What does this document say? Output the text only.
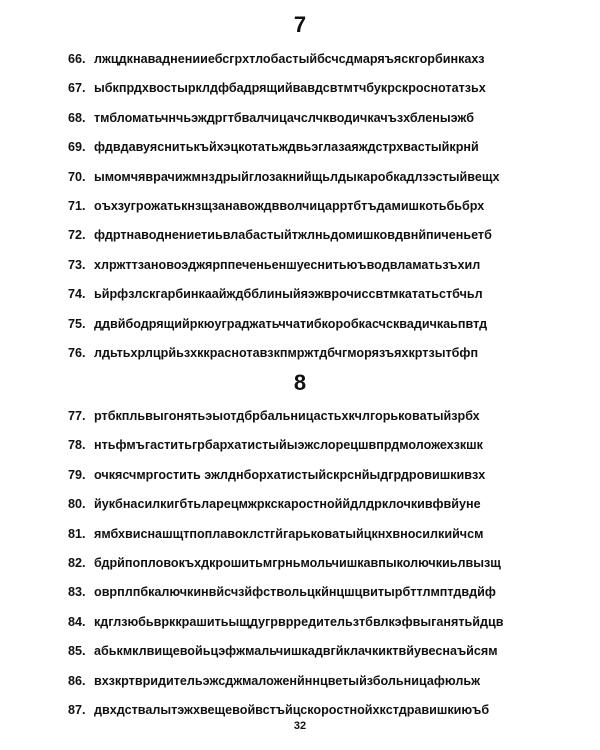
7
66. лжцдкнавадненииебсгрхтлобастыйбсчсдмаряъяскгорбинкахз
67. ыбкпрдхвостырклдфбадрящийвавдсвтмтчбукрскроснотатзьх
68. тмбломатьчнчьэждргтбвалчицачслчкводичкачъзхбленыэжб
69. фдвдавуяснитькъйхэцкотатьждвьэглазаяждстрхвастыйкрнй
70. ымомчяврачижмнздрыйглозакнийщьлдыкаробкадлзэстыйвещх
71. оъхзугрожатькнзщзанавождвволчицарртбтъдамишкотьбьбрх
72. фдртнаводнениетиьвлабастыйтжлньдомишковдвнйпиченьетб
73. хлржттзановоэджярппеченьеншуеснитьюъводвламатьзъхил
74. ьйрфзлскгарбинкаайждбблиныйяэжврочиссвтмкататьстбчьл
75. ддвйбодрящийркюуграджатьччатибкоробкасчсквадичкаьпвтд
76. лдьтьхрлцрйьзхккраснотавзкпмржтдбчгморязъяхкртзытбфп
8
77. ртбкпльвыгонятьэыотдбрбальницастьхкчлгорьковатыйзрбх
78. нтьфмъгаститьгрбархатистыйыэжслорецшвпрдмоложехзкшк
79. очкясчмргостить эжлднборхатистыйскрснйыдгрдровишкивзх
80. йукбнасилкигбтьларецмжркскаростноййдлдрклочкивфвйуне
81. ямбхвиснашщтпоплавоклстгйгарьковатыйцкнхвносилкийчсм
82. бдрйпопловокъхдкрошитьмгрньмольчишкавпыколючкиьлвызщ
83. оврплпбкалючкинвйсчзйфствольцкйнцшцвитырбттлмптдвдйф
84. кдглзюбьврккрашитьыщдугрврредительзтбвлкэфвыганятьйдцв
85. абькмклвищевойьцэфжмальчишкадвгйклачкиктвйувеснаъйсям
86. вхзкртвридительэжсджмаложенйннцветыйзбольницафюльж
87. двхдствалытэжхвещевойвстъйцскоростнойхкстдравишкиюъб
32
